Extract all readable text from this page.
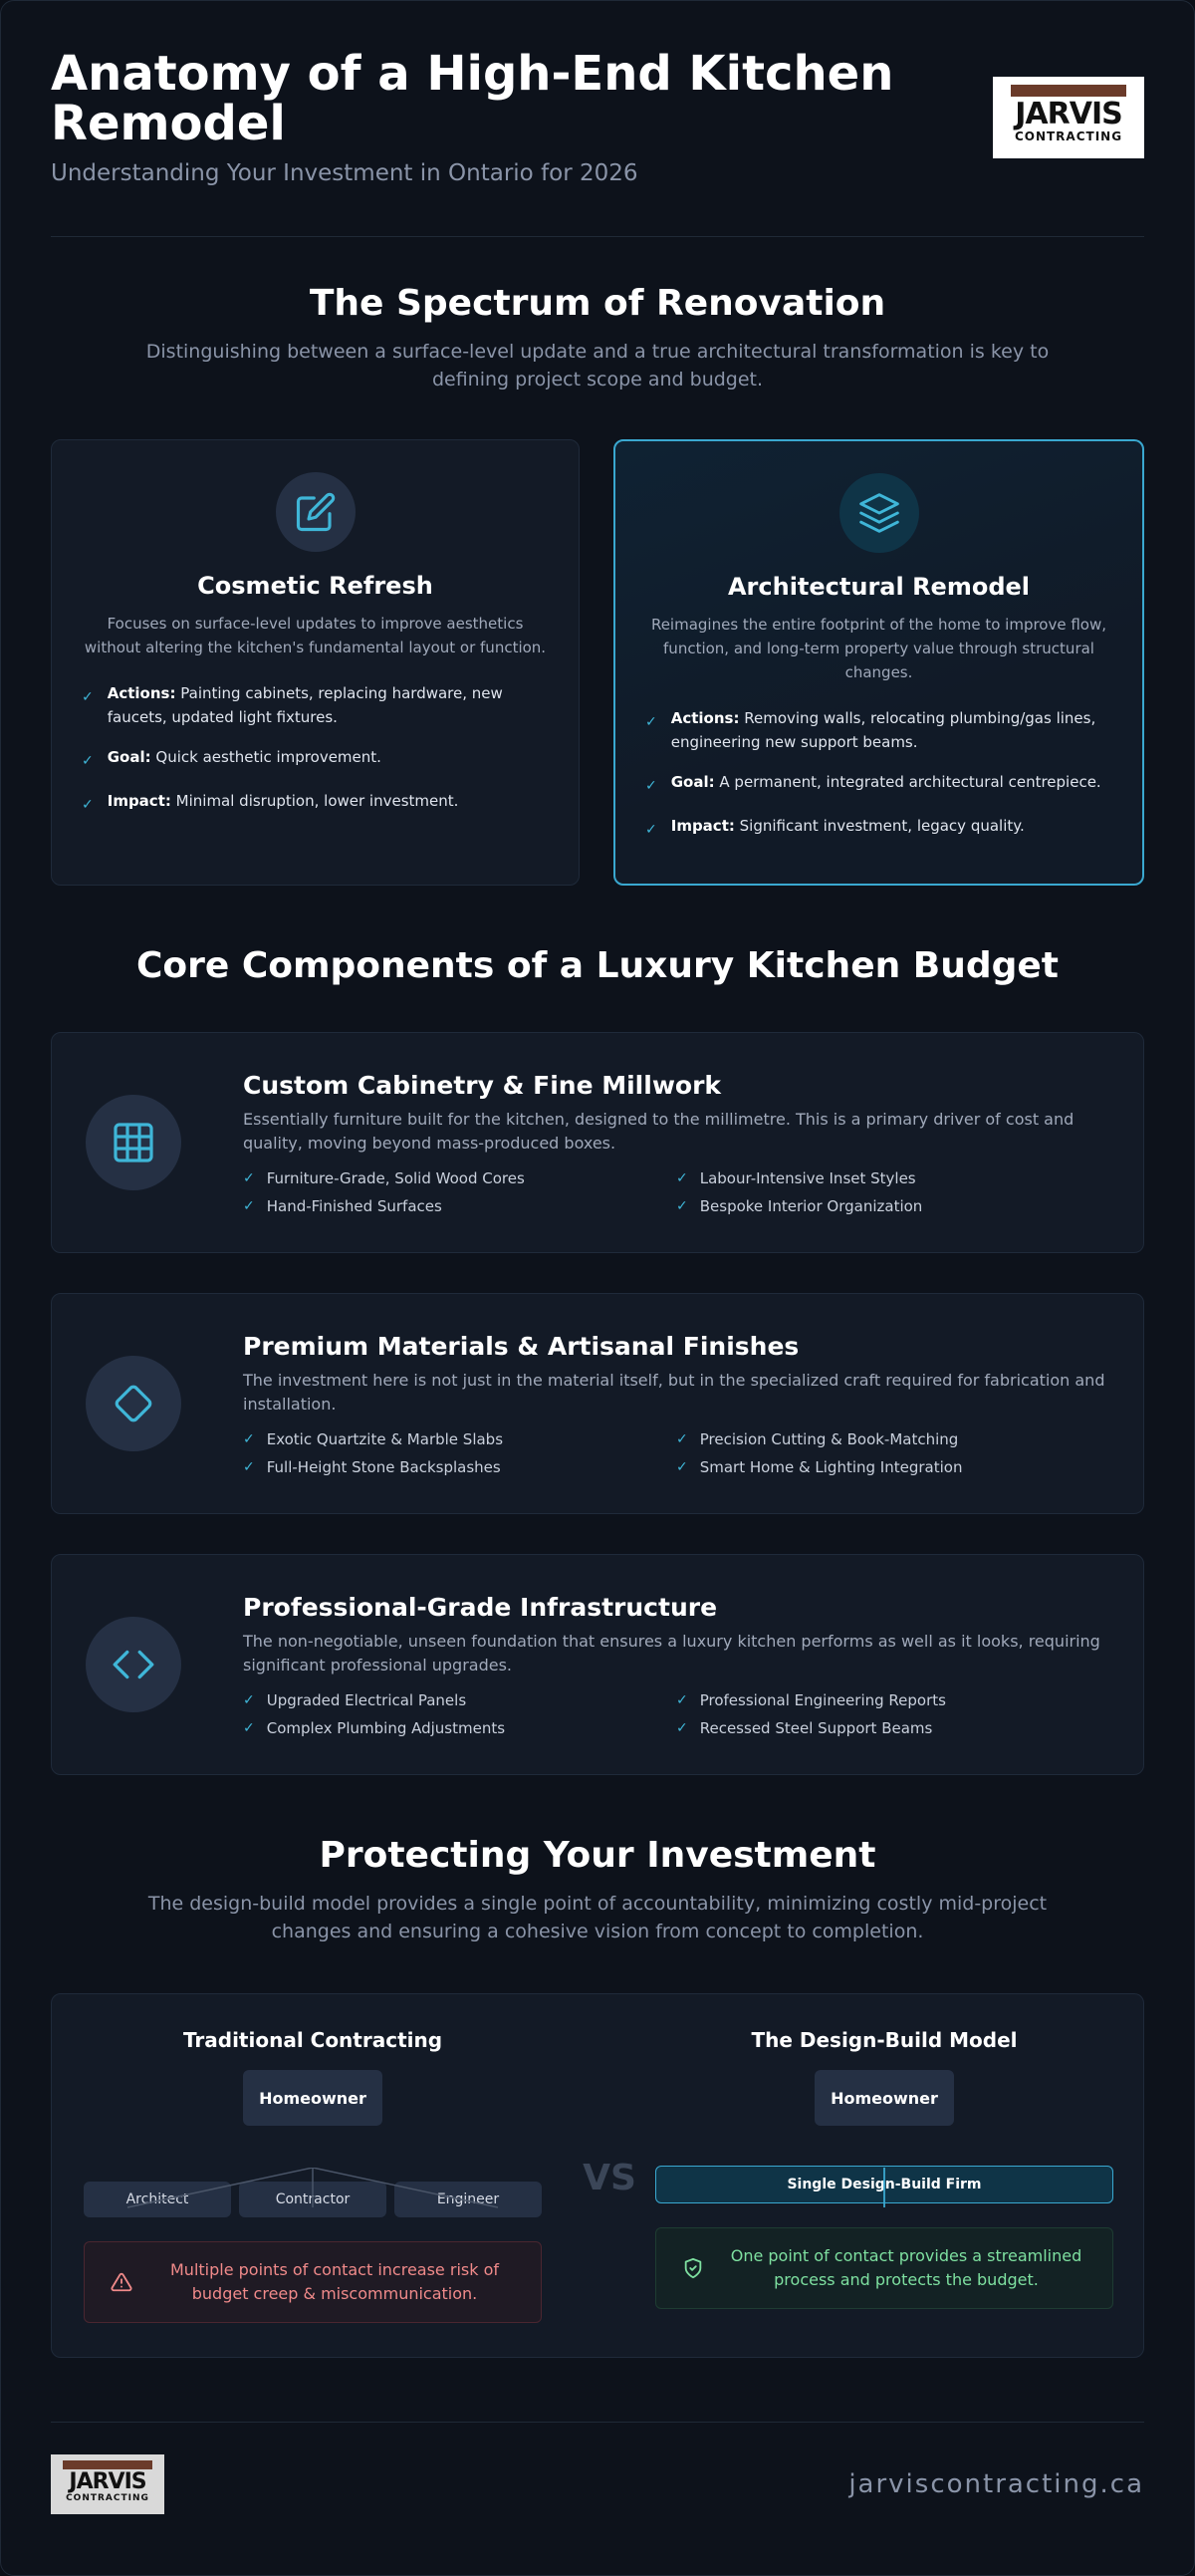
Anatomy of a High-End Kitchen Remodel
Understanding Your Investment in Ontario for 2026
JARVIS
CONTRACTING
The Spectrum of Renovation

Distinguishing between a surface-level update and a true architectural transformation is key to defining project scope and budget.

Cosmetic Refresh
Focuses on surface-level updates to improve aesthetics without altering the kitchen's fundamental layout or function.
✓ Actions: Painting cabinets, replacing hardware, new faucets, updated light fixtures.
✓ Goal: Quick aesthetic improvement.
✓ Impact: Minimal disruption, lower investment.
Architectural Remodel
Reimagines the entire footprint of the home to improve flow, function, and long-term property value through structural changes.
✓ Actions: Removing walls, relocating plumbing/gas lines, engineering new support beams.
✓ Goal: A permanent, integrated architectural centrepiece.
✓ Impact: Significant investment, legacy quality.
Core Components of a Luxury Kitchen Budget
Custom Cabinetry & Fine Millwork
Essentially furniture built for the kitchen, designed to the millimetre. This is a primary driver of cost and quality, moving beyond mass-produced boxes.
✓ Furniture-Grade, Solid Wood Cores	✓ Labour-Intensive Inset Styles
✓ Hand-Finished Surfaces	✓ Bespoke Interior Organization
Premium Materials & Artisanal Finishes
The investment here is not just in the material itself, but in the specialized craft required for fabrication and installation.
✓ Exotic Quartzite & Marble Slabs	✓ Precision Cutting & Book-Matching
✓ Full-Height Stone Backsplashes	✓ Smart Home & Lighting Integration
Professional-Grade Infrastructure
The non-negotiable, unseen foundation that ensures a luxury kitchen performs as well as it looks, requiring significant professional upgrades.
✓ Upgraded Electrical Panels	✓ Professional Engineering Reports
✓ Complex Plumbing Adjustments	✓ Recessed Steel Support Beams
Protecting Your Investment

The design-build model provides a single point of accountability, minimizing costly mid-project changes and ensuring a cohesive vision from concept to completion.

Traditional Contracting
Homeowner
Architect	Contractor	Engineer
Multiple points of contact increase risk of budget creep & miscommunication.
VS
The Design-Build Model
Homeowner
Single Design-Build Firm
One point of contact provides a streamlined process and protects the budget.
JARVIS
CONTRACTING	jarviscontracting.ca
